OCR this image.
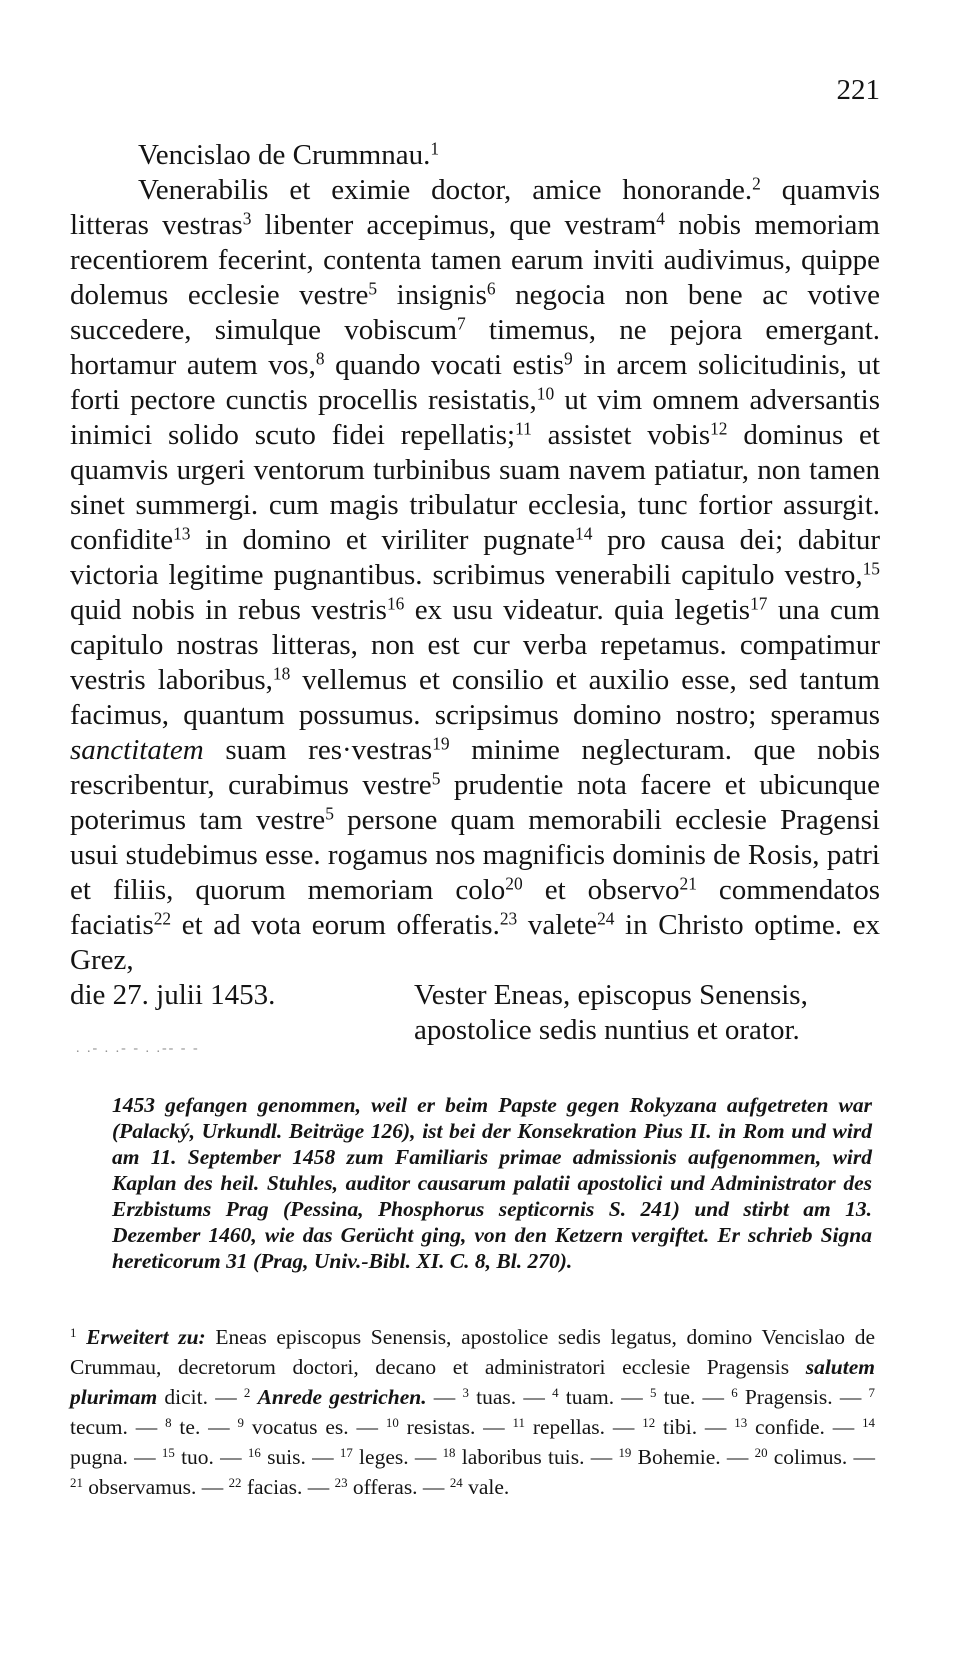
221

Vencislao de Crummnau.$^1$

Venerabilis et eximie doctor, amice honorande.$^2$ quamvis litteras vestras$^3$ libenter accepimus, que vestram$^4$ nobis memoriam recentiorem fecerint, contenta tamen earum inviti audivimus, quippe dolemus ecclesie vestre$^5$ insignis$^6$ negocia non bene ac votive succedere, simulque vobiscum$^7$ timemus, ne pejora emergant. hortamur autem vos,$^8$ quando vocati estis$^9$ in arcem solicitudinis, ut forti pectore cunctis procellis resistatis,$^{10}$ ut vim omnem adversantis inimici solido scuto fidei repellatis;$^{11}$ assistet vobis$^{12}$ dominus et quamvis urgeri ventorum turbinibus suam navem patiatur, non tamen sinet summergi. cum magis tribulatur ecclesia, tunc fortior assurgit. confidite$^{13}$ in domino et viriliter pugnate$^{14}$ pro causa dei; dabitur victoria legitime pugnantibus. scribimus venerabili capitulo vestro,$^{15}$ quid nobis in rebus vestris$^{16}$ ex usu videatur. quia legetis$^{17}$ una cum capitulo nostras litteras, non est cur verba repetamus. compatimur vestris laboribus,$^{18}$ vellemus et consilio et auxilio esse, sed tantum facimus, quantum possumus. scripsimus domino nostro; speramus sanctitatem suam res·vestras$^{19}$ minime neglecturam. que nobis rescribentur, curabimus vestre$^5$ prudentie nota facere et ubicunque poterimus tam vestre$^5$ persone quam memorabili ecclesie Pragensi usui studebimus esse. rogamus nos magnificis dominis de Rosis, patri et filiis, quorum memoriam colo$^{20}$ et observo$^{21}$ commendatos faciatis$^{22}$ et ad vota eorum offeratis.$^{23}$ valete$^{24}$ in Christo optime. ex Grez,

die 27. julii 1453.	Vester Eneas, episcopus Senensis,
. .- . .- - . .-- - -
apostolice sedis nuntius et orator.

1453 gefangen genommen, weil er beim Papste gegen Rokyzana aufgetreten war (Palacký, Urkundl. Beiträge 126), ist bei der Konsekration Pius II. in Rom und wird am 11. September 1458 zum Familiaris primae admissionis aufgenommen, wird Kaplan des heil. Stuhles, auditor causarum palatii apostolici und Administrator des Erzbistums Prag (Pessina, Phosphorus septicornis S. 241) und stirbt am 13. Dezember 1460, wie das Gerücht ging, von den Ketzern vergiftet. Er schrieb Signa hereticorum 31 (Prag, Univ.-Bibl. XI. C. 8, Bl. 270).

$^1$ Erweitert zu: Eneas episcopus Senensis, apostolice sedis legatus, domino Vencislao de Crummau, decretorum doctori, decano et administratori ecclesie Pragensis salutem plurimam dicit. — $^2$ Anrede gestrichen. — $^3$ tuas. — $^4$ tuam. — $^5$ tue. — $^6$ Pragensis. — $^7$ tecum. — $^8$ te. — $^9$ vocatus es. — $^{10}$ resistas. — $^{11}$ repellas. — $^{12}$ tibi. — $^{13}$ confide. — $^{14}$ pugna. — $^{15}$ tuo. — $^{16}$ suis. — $^{17}$ leges. — $^{18}$ laboribus tuis. — $^{19}$ Bohemie. — $^{20}$ colimus. — $^{21}$ observamus. — $^{22}$ facias. — $^{23}$ offeras. — $^{24}$ vale.
